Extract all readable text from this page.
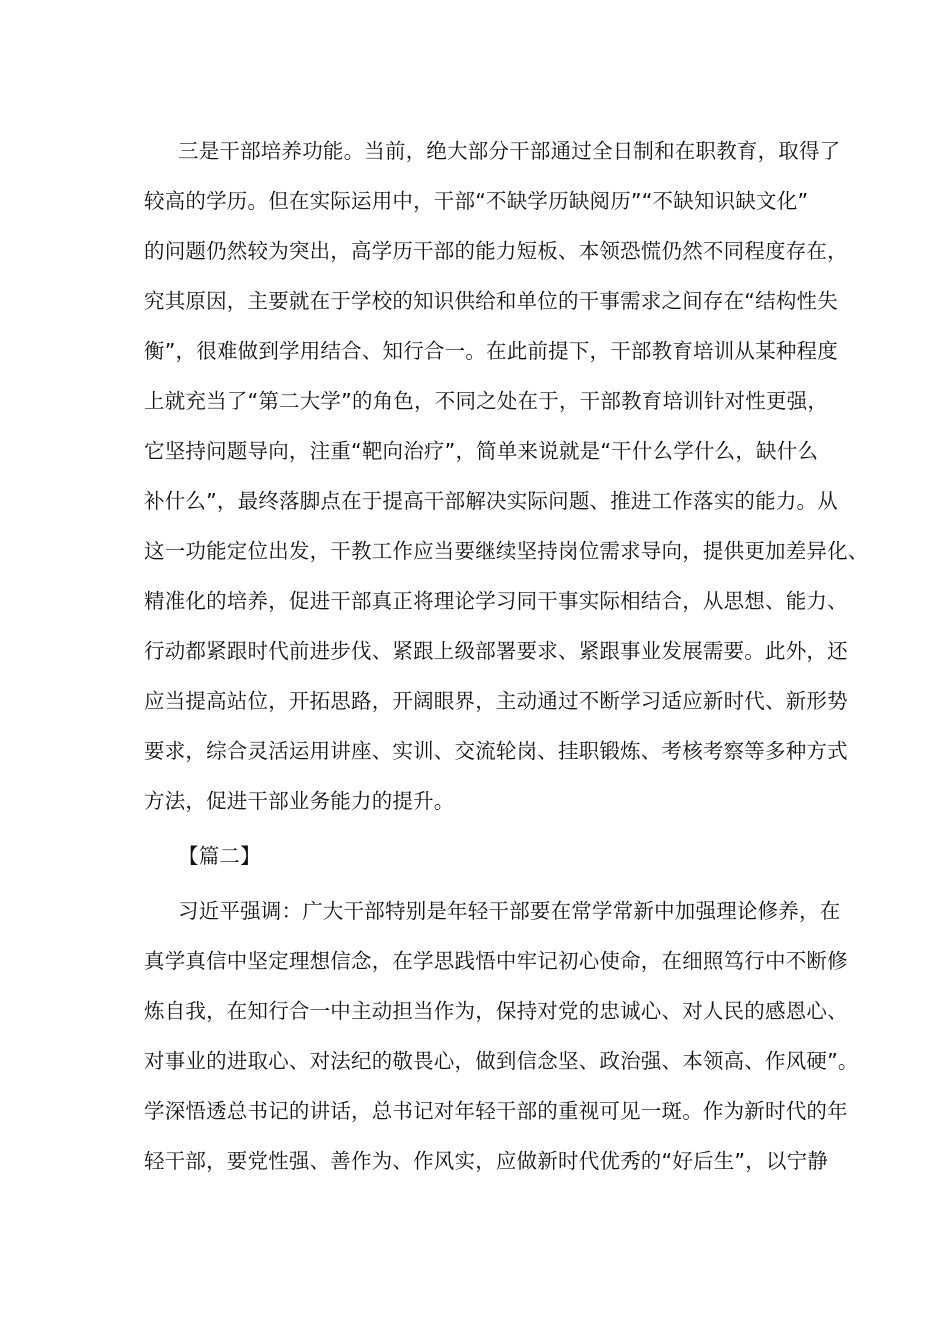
三是干部培养功能。当前，绝大部分干部通过全日制和在职教育，取得了
较高的学历。但在实际运用中，干部“不缺学历缺阅历”“不缺知识缺文化”
的问题仍然较为突出，高学历干部的能力短板、本领恐慌仍然不同程度存在，
究其原因，主要就在于学校的知识供给和单位的干事需求之间存在“结构性失
衡”，很难做到学用结合、知行合一。在此前提下，干部教育培训从某种程度
上就充当了“第二大学”的角色，不同之处在于，干部教育培训针对性更强，
它坚持问题导向，注重“靶向治疗”，简单来说就是“干什么学什么，缺什么
补什么”，最终落脚点在于提高干部解决实际问题、推进工作落实的能力。从
这一功能定位出发，干教工作应当要继续坚持岗位需求导向，提供更加差异化、
精准化的培养，促进干部真正将理论学习同干事实际相结合，从思想、能力、
行动都紧跟时代前进步伐、紧跟上级部署要求、紧跟事业发展需要。此外，还
应当提高站位，开拓思路，开阔眼界，主动通过不断学习适应新时代、新形势
要求，综合灵活运用讲座、实训、交流轮岗、挂职锻炼、考核考察等多种方式
方法，促进干部业务能力的提升。
【篇二】
习近平强调：广大干部特别是年轻干部要在常学常新中加强理论修养，在
真学真信中坚定理想信念，在学思践悟中牢记初心使命，在细照笃行中不断修
炼自我，在知行合一中主动担当作为，保持对党的忠诚心、对人民的感恩心、
对事业的进取心、对法纪的敬畏心，做到信念坚、政治强、本领高、作风硬”。
学深悟透总书记的讲话，总书记对年轻干部的重视可见一斑。作为新时代的年
轻干部，要党性强、善作为、作风实，应做新时代优秀的“好后生”，以宁静
